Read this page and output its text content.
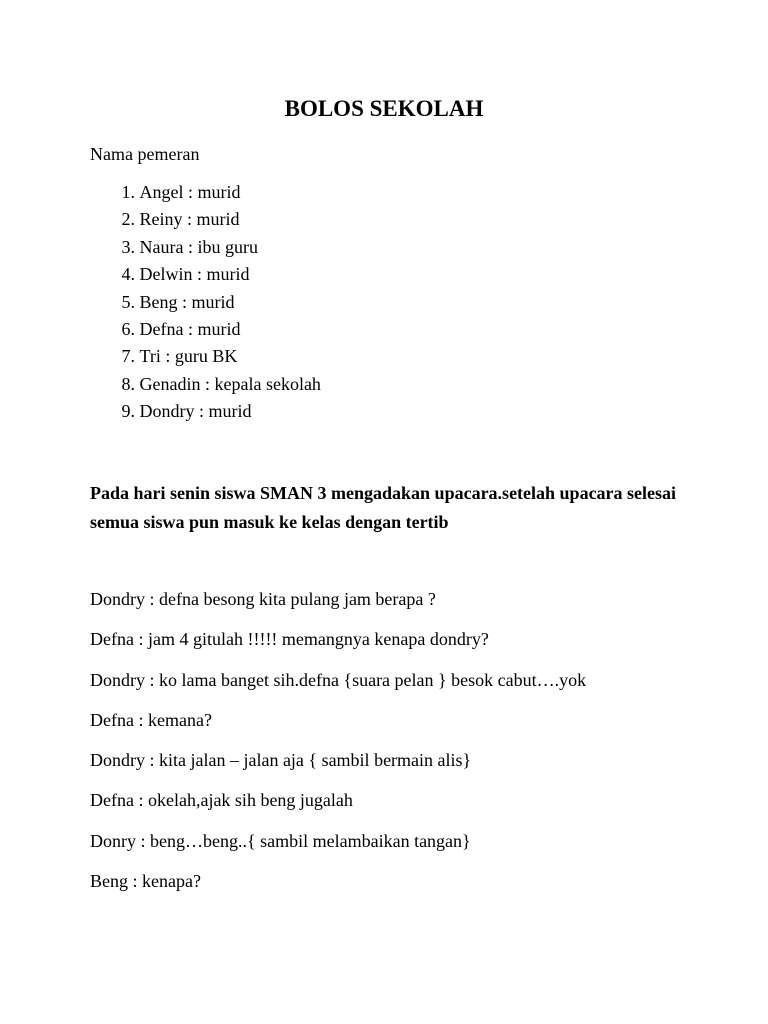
BOLOS SEKOLAH

Nama pemeran

1. Angel : murid
2. Reiny : murid
3. Naura : ibu guru
4. Delwin : murid
5. Beng : murid
6. Defna : murid
7. Tri : guru BK
8. Genadin : kepala sekolah
9. Dondry : murid

Pada hari senin siswa SMAN 3 mengadakan upacara.setelah upacara selesai semua siswa pun masuk ke kelas dengan tertib

Dondry : defna besong kita pulang jam berapa ?
Defna : jam 4 gitulah !!!!! memangnya kenapa dondry?
Dondry : ko lama banget sih.defna {suara pelan } besok cabut….yok
Defna : kemana?
Dondry : kita jalan – jalan aja { sambil bermain alis}
Defna : okelah,ajak sih beng jugalah
Donry : beng…beng..{ sambil melambaikan tangan}
Beng : kenapa?
